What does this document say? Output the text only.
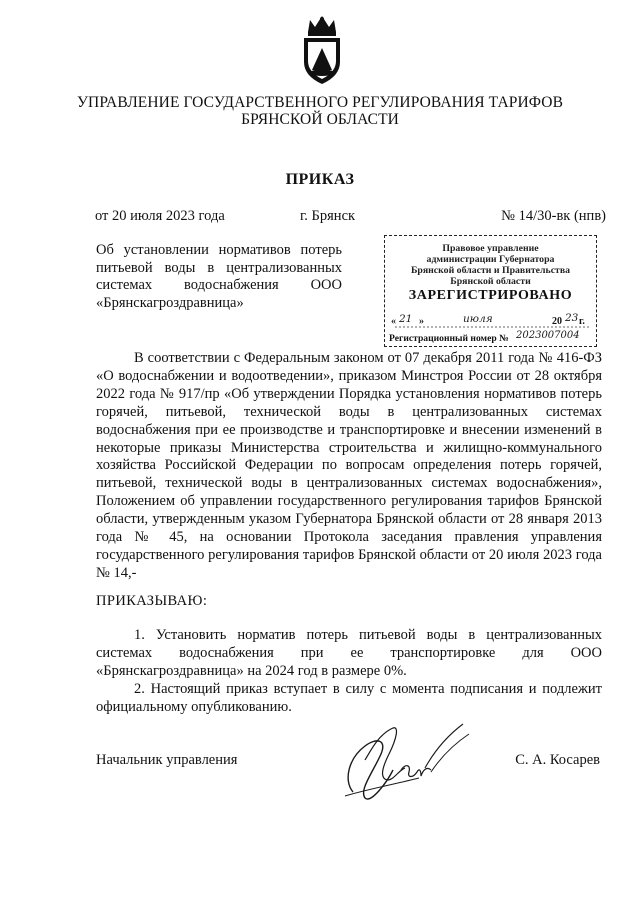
УПРАВЛЕНИЕ ГОСУДАРСТВЕННОГО РЕГУЛИРОВАНИЯ ТАРИФОВ
БРЯНСКОЙ ОБЛАСТИ
ПРИКАЗ
от 20 июля 2023 года	г. Брянск	№ 14/30-вк (нпв)
Об установлении нормативов потерь
питьевой воды в централизованных
системах водоснабжения ООО
«Брянскагроздравница»
Правовое управление
администрации Губернатора
Брянской области и Правительства
Брянской области
ЗАРЕГИСТРИРОВАНО
« 21 »	июля	20 23 г.
Регистрационный номер № 2023007004

В соответствии с Федеральным законом от 07 декабря 2011 года № 416-ФЗ «О водоснабжении и водоотведении», приказом Минстроя России от 28 октября 2022 года № 917/пр «Об утверждении Порядка установления нормативов потерь горячей, питьевой, технической воды в централизованных системах водоснабжения при ее производстве и транспортировке и внесении изменений в некоторые приказы Министерства строительства и жилищно-коммунального хозяйства Российской Федерации по вопросам определения потерь горячей, питьевой, технической воды в централизованных системах водоснабжения», Положением об управлении государственного регулирования тарифов Брянской области, утвержденным указом Губернатора Брянской области от 28 января 2013 года № 45, на основании Протокола заседания правления управления государственного регулирования тарифов Брянской области от 20 июля 2023 года № 14,-

ПРИКАЗЫВАЮ:

1. Установить норматив потерь питьевой воды в централизованных системах водоснабжения при ее транспортировке для ООО «Брянскагроздравница» на 2024 год в размере 0%.

2. Настоящий приказ вступает в силу с момента подписания и подлежит официальному опубликованию.

Начальник управления	С. А. Косарев
